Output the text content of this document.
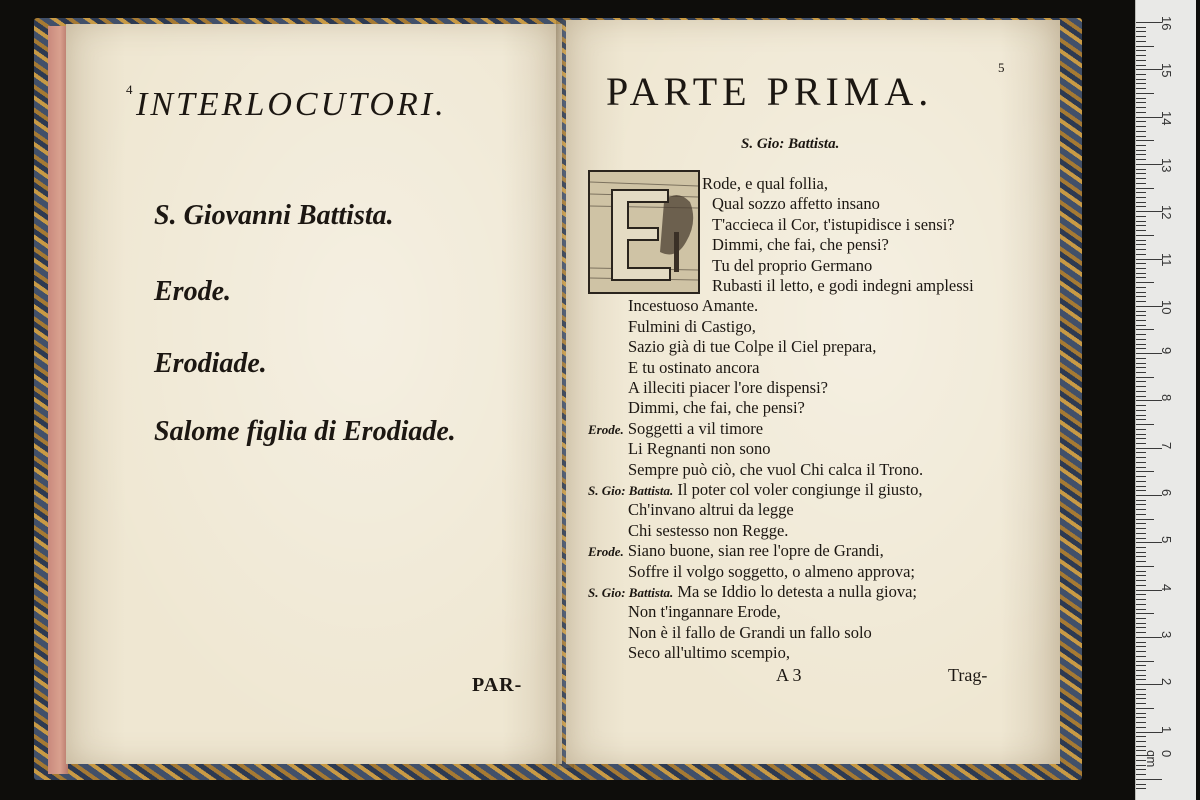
4 INTERLOCUTORI.
S. Giovanni Battista.
Erode.
Erodiade.
Salome figlia di Erodiade.
PAR-
PARTE PRIMA.
5
S. Gio: Battista.
Rode, e qual follia,
Qual sozzo affetto insano
T'accieca il Cor, t'istupidisce i sensi?
Dimmi, che fai, che pensi?
Tu del proprio Germano
Rubasti il letto, e godi indegni amplessi
Incestuoso Amante.
Fulmini di Castigo,
Sazio già di tue Colpe il Ciel prepara,
E tu ostinato ancora
A illeciti piacer l'ore dispensi?
Dimmi, che fai, che pensi?
Erode. Soggetti a vil timore
Li Regnanti non sono
Sempre può ciò, che vuol Chi calca il Trono.
S. Gio: Battista. Il poter col voler congiunge il giusto,
Ch'invano altrui da legge
Chi sestesso non Regge.
Erode. Siano buone, sian ree l'opre de Grandi,
Soffre il volgo soggetto, o almeno approva;
S. Gio: Battista. Ma se Iddio lo detesta a nulla giova;
Non t'ingannare Erode,
Non è il fallo de Grandi un fallo solo
Seco all'ultimo scempio,
A 3	Trag-
16
15
14
13
12
11
10
9
8
7
6
5
4
3
2
1
0 cm
